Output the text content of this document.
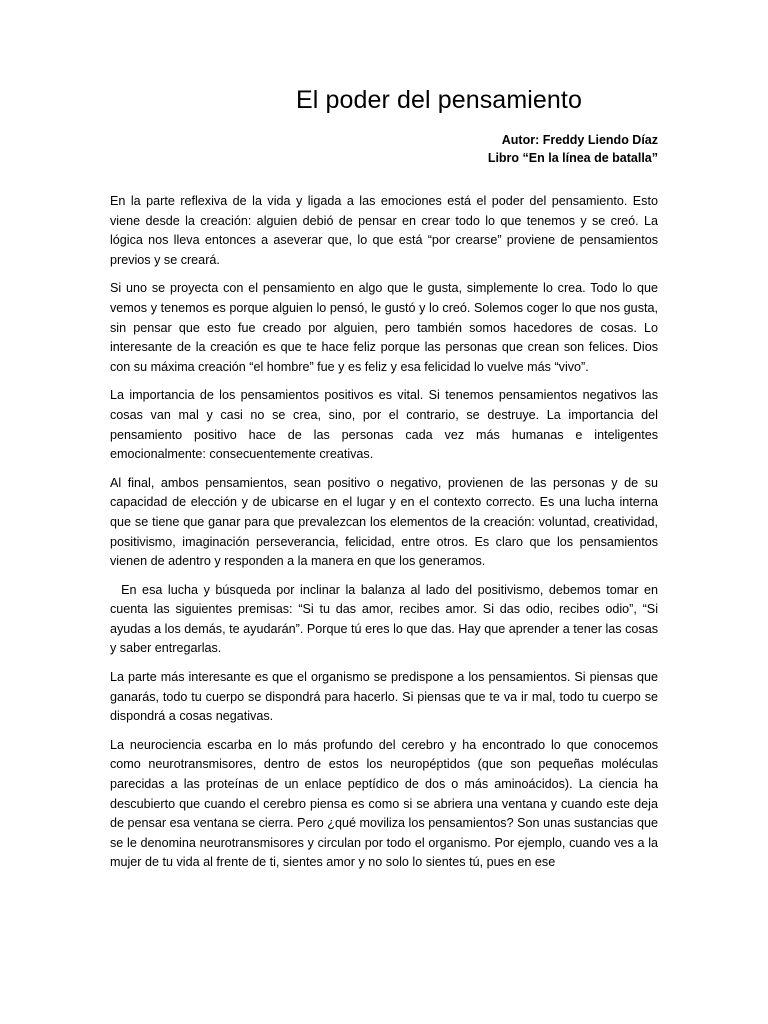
El poder del pensamiento
Autor: Freddy Liendo Díaz
Libro “En la línea de batalla”

En la parte reflexiva de la vida y ligada a las emociones está el poder del pensamiento. Esto viene desde la creación: alguien debió de pensar en crear todo lo que tenemos y se creó. La lógica nos lleva entonces a aseverar que, lo que está “por crearse” proviene de pensamientos previos y se creará.

Si uno se proyecta con el pensamiento en algo que le gusta, simplemente lo crea. Todo lo que vemos y tenemos es porque alguien lo pensó, le gustó y lo creó. Solemos coger lo que nos gusta, sin pensar que esto fue creado por alguien, pero también somos hacedores de cosas. Lo interesante de la creación es que te hace feliz porque las personas que crean son felices. Dios con su máxima creación “el hombre” fue y es feliz y esa felicidad lo vuelve más “vivo”.

La importancia de los pensamientos positivos es vital. Si tenemos pensamientos negativos las cosas van mal y casi no se crea, sino, por el contrario, se destruye. La importancia del pensamiento positivo hace de las personas cada vez más humanas e inteligentes emocionalmente: consecuentemente creativas.

Al final, ambos pensamientos, sean positivo o negativo, provienen de las personas y de su capacidad de elección y de ubicarse en el lugar y en el contexto correcto. Es una lucha interna que se tiene que ganar para que prevalezcan los elementos de la creación: voluntad, creatividad, positivismo, imaginación perseverancia, felicidad, entre otros. Es claro que los pensamientos vienen de adentro y responden a la manera en que los generamos.

En esa lucha y búsqueda por inclinar la balanza al lado del positivismo, debemos tomar en cuenta las siguientes premisas: “Si tu das amor, recibes amor. Si das odio, recibes odio”, “Si ayudas a los demás, te ayudarán”. Porque tú eres lo que das. Hay que aprender a tener las cosas y saber entregarlas.

La parte más interesante es que el organismo se predispone a los pensamientos. Si piensas que ganarás, todo tu cuerpo se dispondrá para hacerlo. Si piensas que te va ir mal, todo tu cuerpo se dispondrá a cosas negativas.

La neurociencia escarba en lo más profundo del cerebro y ha encontrado lo que conocemos como neurotransmisores, dentro de estos los neuropéptidos (que son pequeñas moléculas parecidas a las proteínas de un enlace peptídico de dos o más aminoácidos). La ciencia ha descubierto que cuando el cerebro piensa es como si se abriera una ventana y cuando este deja de pensar esa ventana se cierra. Pero ¿qué moviliza los pensamientos? Son unas sustancias que se le denomina neurotransmisores y circulan por todo el organismo. Por ejemplo, cuando ves a la mujer de tu vida al frente de ti, sientes amor y no solo lo sientes tú, pues en ese
